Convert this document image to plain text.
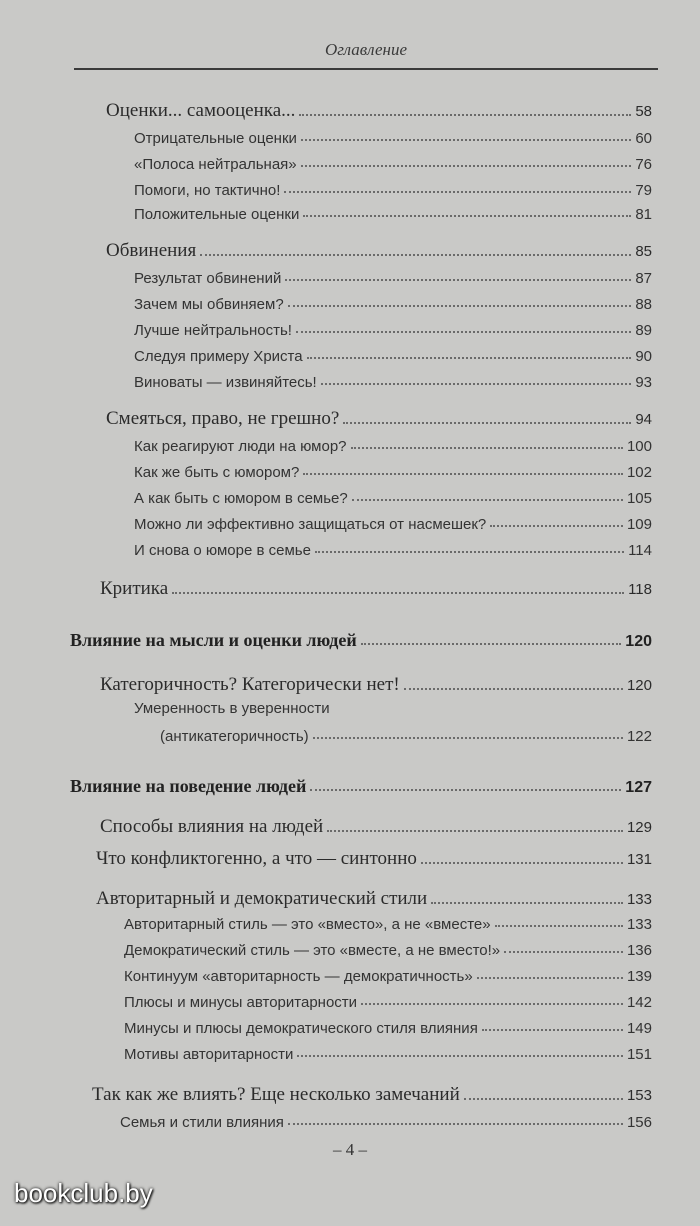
Оглавление
Оценки... самооценка...	58
Отрицательные оценки	60
«Полоса нейтральная»	76
Помоги, но тактично!	79
Положительные оценки	81
Обвинения	85
Результат обвинений	87
Зачем мы обвиняем?	88
Лучше нейтральность!	89
Следуя примеру Христа	90
Виноваты — извиняйтесь!	93
Смеяться, право, не грешно?	94
Как реагируют люди на юмор?	100
Как же быть с юмором?	102
А как быть с юмором в семье?	105
Можно ли эффективно защищаться от насмешек?	109
И снова о юморе в семье	114
Критика	118
Влияние на мысли и оценки людей	120
Категоричность? Категорически нет!	120
Умеренность в уверенности
(антикатегоричность)	122
Влияние на поведение людей	127
Способы влияния на людей	129
Что конфликтогенно, а что — синтонно	131
Авторитарный и демократический стили	133
Авторитарный стиль — это «вместо», а не «вместе»	133
Демократический стиль — это «вместе, а не вместо!»	136
Континуум «авторитарность — демократичность»	139
Плюсы и минусы авторитарности	142
Минусы и плюсы демократического стиля влияния	149
Мотивы авторитарности	151
Так как же влиять? Еще несколько замечаний	153
Семья и стили влияния	156
– 4 –
bookclub.by
